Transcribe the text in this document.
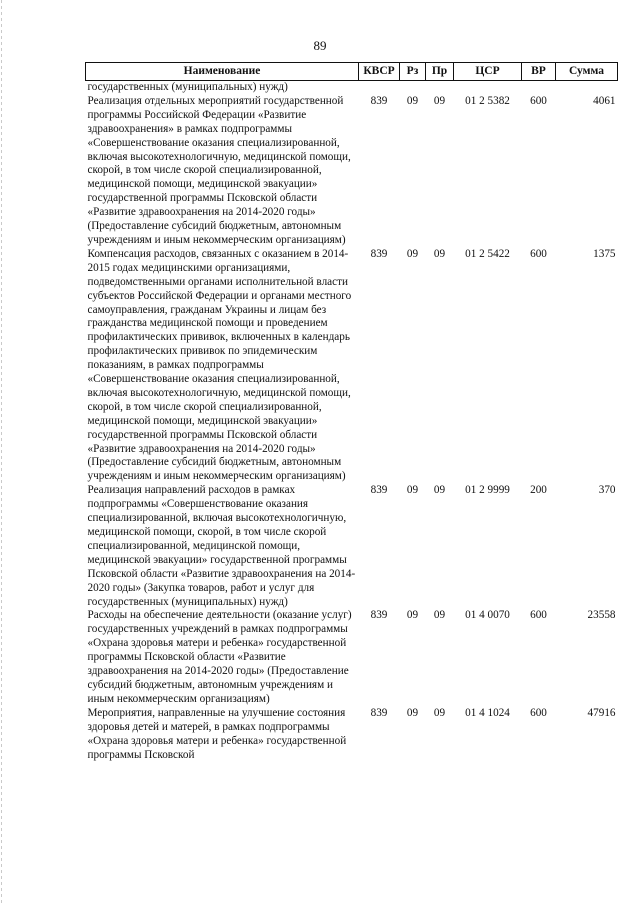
89
Наименование	КВСР	Рз	Пр	ЦСР	ВР	Сумма
государственных (муниципальных) нужд)						
Реализация отдельных мероприятий государственной программы Российской Федерации «Развитие здравоохранения» в рамках подпрограммы «Совершенствование оказания специализированной, включая высокотехнологичную, медицинской помощи, скорой, в том числе скорой специализированной, медицинской помощи, медицинской эвакуации» государственной программы Псковской области «Развитие здравоохранения на 2014-2020 годы» (Предоставление субсидий бюджетным, автономным учреждениям и иным некоммерческим организациям)	839	09	09	01 2 5382	600	4061
Компенсация расходов, связанных с оказанием в 2014-2015 годах медицинскими организациями, подведомственными органами исполнительной власти субъектов Российской Федерации и органами местного самоуправления, гражданам Украины и лицам без гражданства медицинской помощи и проведением профилактических прививок, включенных в календарь профилактических прививок по эпидемическим показаниям, в рамках подпрограммы «Совершенствование оказания специализированной, включая высокотехнологичную, медицинской помощи, скорой, в том числе скорой специализированной, медицинской помощи, медицинской эвакуации» государственной программы Псковской области «Развитие здравоохранения на 2014-2020 годы» (Предоставление субсидий бюджетным, автономным учреждениям и иным некоммерческим организациям)	839	09	09	01 2 5422	600	1375
Реализация направлений расходов в рамках подпрограммы «Совершенствование оказания специализированной, включая высокотехнологичную, медицинской помощи, скорой, в том числе скорой специализированной, медицинской помощи, медицинской эвакуации» государственной программы Псковской области «Развитие здравоохранения на 2014-2020 годы» (Закупка товаров, работ и услуг для государственных (муниципальных) нужд)	839	09	09	01 2 9999	200	370
Расходы на обеспечение деятельности (оказание услуг) государственных учреждений в рамках подпрограммы «Охрана здоровья матери и ребенка» государственной программы Псковской области «Развитие здравоохранения на 2014-2020 годы» (Предоставление субсидий бюджетным, автономным учреждениям и иным некоммерческим организациям)	839	09	09	01 4 0070	600	23558
Мероприятия, направленные на улучшение состояния здоровья детей и матерей, в рамках подпрограммы «Охрана здоровья матери и ребенка» государственной программы Псковской	839	09	09	01 4 1024	600	47916
